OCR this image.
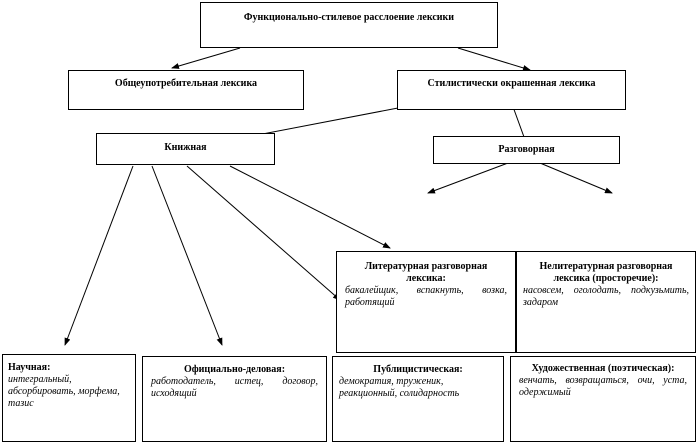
Функционально-стилевое расслоение лексики
Общеупотребительная лексика	Стилистически окрашенная лексика
Книжная	Разговорная
Литературная разговорная лексика:
бакалейщик, вспакнуть, возка, работящий
Нелитературная разговорная лексика (просторечие):
насовсем, оголодать, подкузьмить, задаром
Научная:
интегральный, абсорбировать, морфема, тазис
Официально-деловая:
работодатель, истец, договор, исходящий
Публицистическая:
демократия, труженик, реакционный, солидарность
Художественная (поэтическая):
венчать, возвращаться, очи, уста, одержимый
